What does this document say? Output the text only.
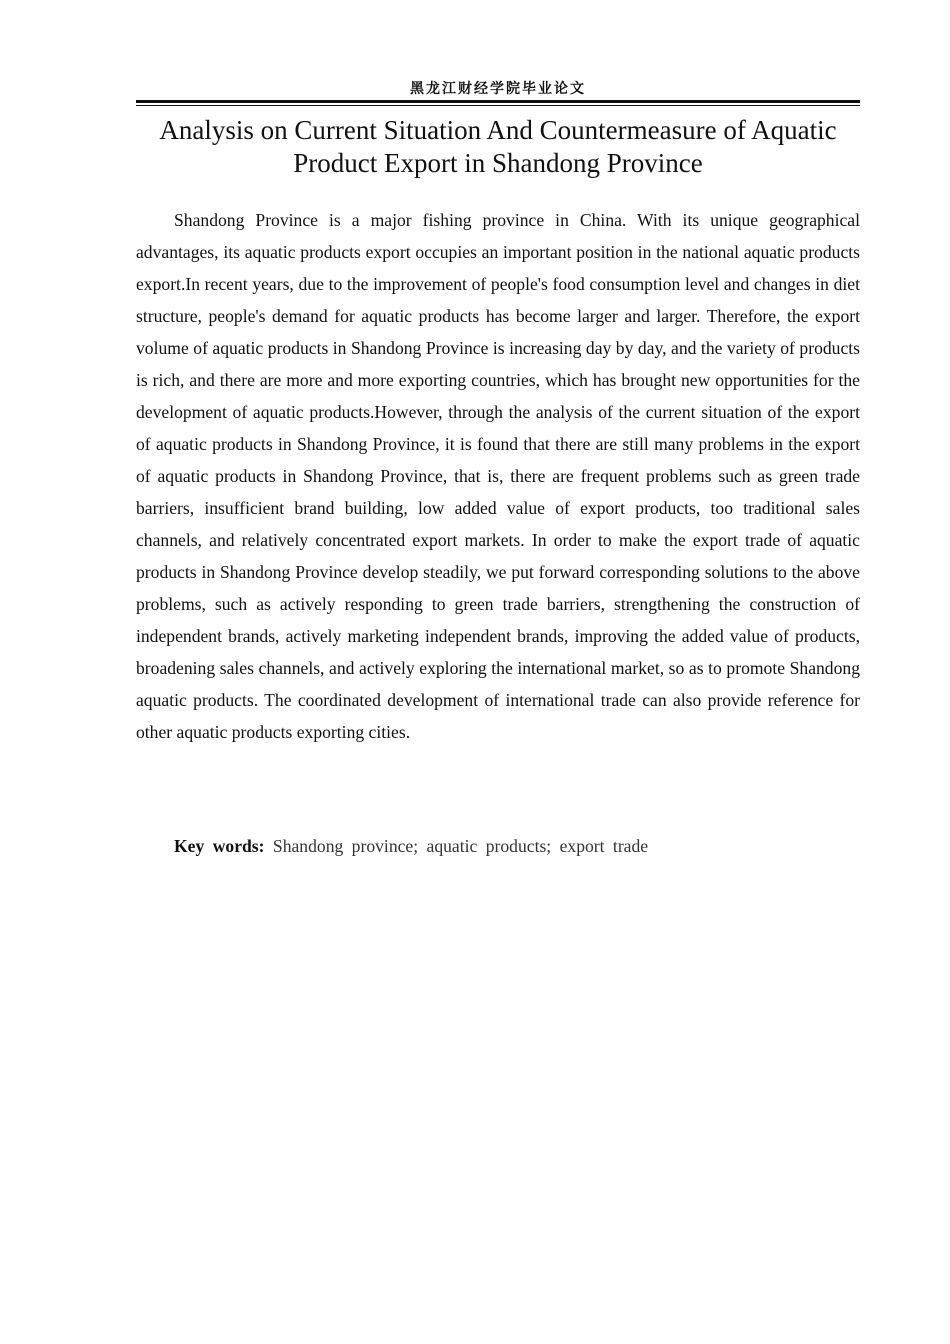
黑龙江财经学院毕业论文
Analysis on Current Situation And Countermeasure of Aquatic Product Export in Shandong Province

Shandong Province is a major fishing province in China. With its unique geographical advantages, its aquatic products export occupies an important position in the national aquatic products export.In recent years, due to the improvement of people's food consumption level and changes in diet structure, people's demand for aquatic products has become larger and larger. Therefore, the export volume of aquatic products in Shandong Province is increasing day by day, and the variety of products is rich, and there are more and more exporting countries, which has brought new opportunities for the development of aquatic products.However, through the analysis of the current situation of the export of aquatic products in Shandong Province, it is found that there are still many problems in the export of aquatic products in Shandong Province, that is, there are frequent problems such as green trade barriers, insufficient brand building, low added value of export products, too traditional sales channels, and relatively concentrated export markets. In order to make the export trade of aquatic products in Shandong Province develop steadily, we put forward corresponding solutions to the above problems, such as actively responding to green trade barriers, strengthening the construction of independent brands, actively marketing independent brands, improving the added value of products, broadening sales channels, and actively exploring the international market, so as to promote Shandong aquatic products. The coordinated development of international trade can also provide reference for other aquatic products exporting cities.

Key words: Shandong province; aquatic products; export trade
